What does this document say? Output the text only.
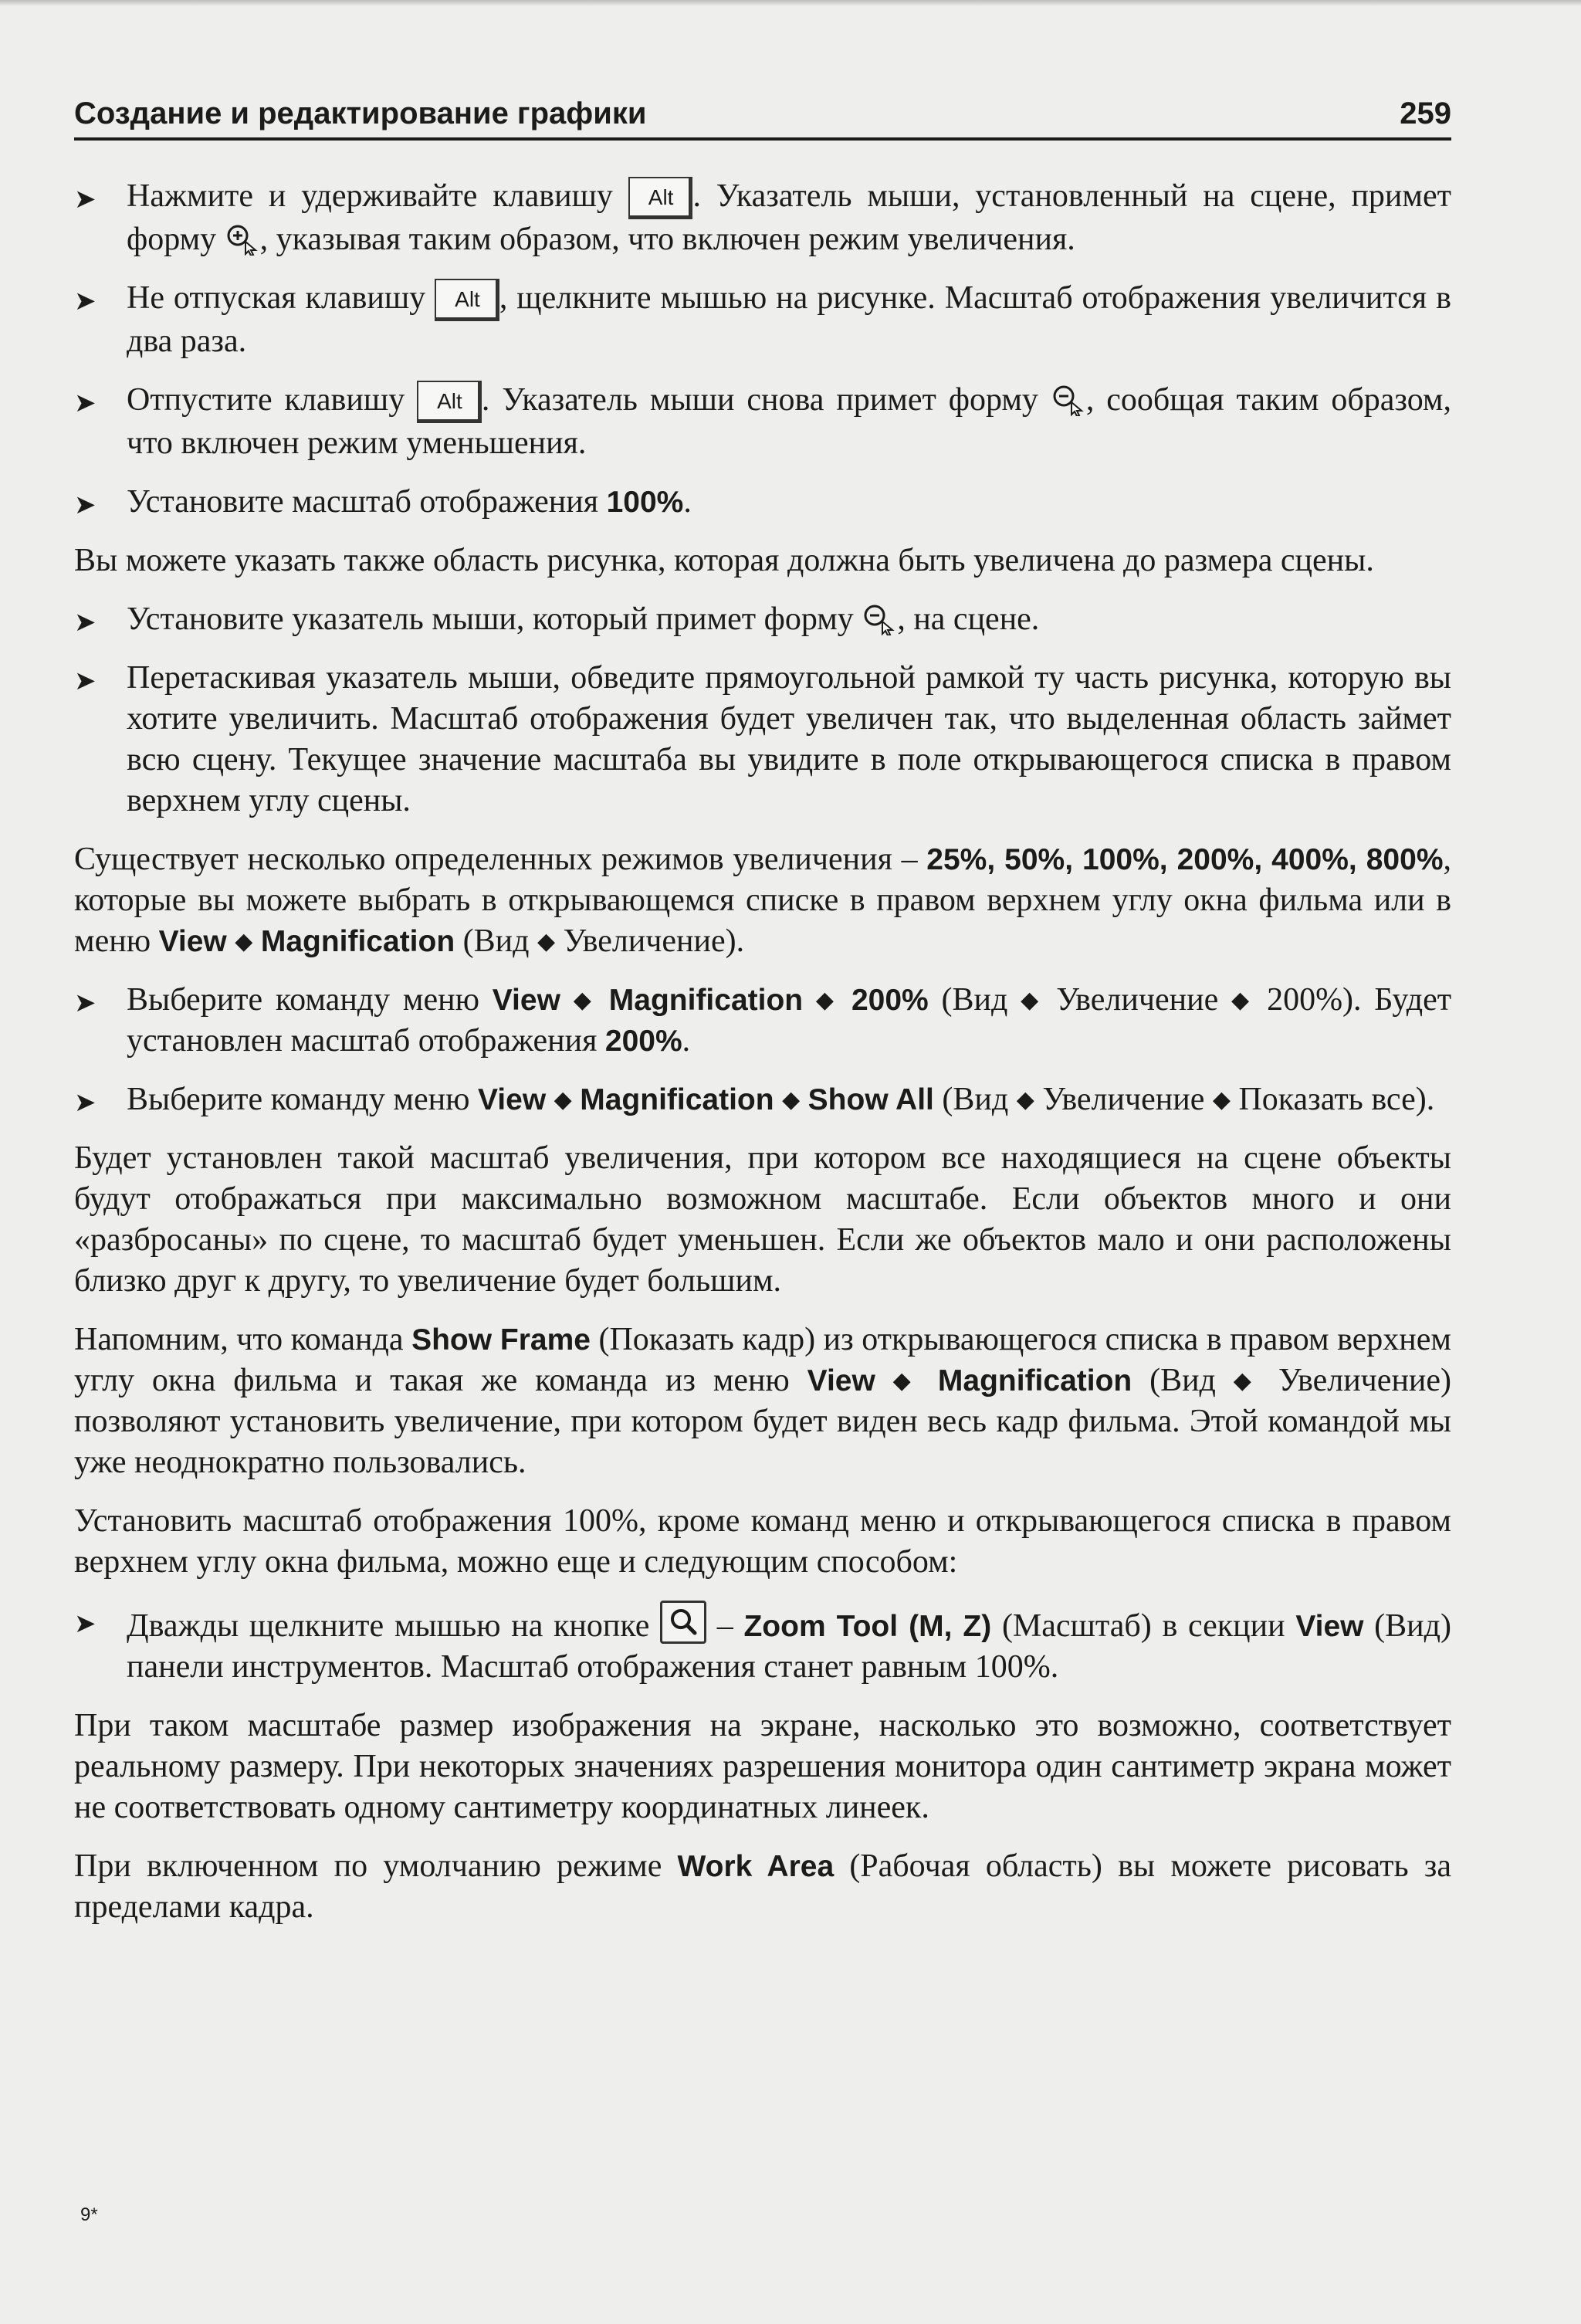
Создание и редактирование графики	259
➤ Нажмите и удерживайте клавишу Alt . Указатель мыши, установленный на сцене, примет форму , указывая таким образом, что включен режим увеличения.
➤ Не отпуская клавишу Alt , щелкните мышью на рисунке. Масштаб отображения увеличится в два раза.
➤ Отпустите клавишу Alt . Указатель мыши снова примет форму , сообщая таким образом, что включен режим уменьшения.
➤ Установите масштаб отображения 100%.
Вы можете указать также область рисунка, которая должна быть увеличена до размера сцены.
➤ Установите указатель мыши, который примет форму , на сцене.
➤ Перетаскивая указатель мыши, обведите прямоугольной рамкой ту часть рисунка, которую вы хотите увеличить. Масштаб отображения будет увеличен так, что выделенная область займет всю сцену. Текущее значение масштаба вы увидите в поле открывающегося списка в правом верхнем углу сцены.
Существует несколько определенных режимов увеличения – 25%, 50%, 100%, 200%, 400%, 800%, которые вы можете выбрать в открывающемся списке в правом верхнем углу окна фильма или в меню View ◆ Magnification (Вид ◆ Увеличение).
➤ Выберите команду меню View ◆ Magnification ◆ 200% (Вид ◆ Увеличение ◆ 200%). Будет установлен масштаб отображения 200%.
➤ Выберите команду меню View ◆ Magnification ◆ Show All (Вид ◆ Увеличение ◆ Показать все).
Будет установлен такой масштаб увеличения, при котором все находящиеся на сцене объекты будут отображаться при максимально возможном масштабе. Если объектов много и они «разбросаны» по сцене, то масштаб будет уменьшен. Если же объектов мало и они расположены близко друг к другу, то увеличение будет большим.
Напомним, что команда Show Frame (Показать кадр) из открывающегося списка в правом верхнем углу окна фильма и такая же команда из меню View ◆ Magnification (Вид ◆ Увеличение) позволяют установить увеличение, при котором будет виден весь кадр фильма. Этой командой мы уже неоднократно пользовались.
Установить масштаб отображения 100%, кроме команд меню и открывающегося списка в правом верхнем углу окна фильма, можно еще и следующим способом:
➤ Дважды щелкните мышью на кнопке
– Zoom Tool (M, Z) (Масштаб) в секции View (Вид) панели инструментов. Масштаб отображения станет равным 100%.
При таком масштабе размер изображения на экране, насколько это возможно, соответствует реальному размеру. При некоторых значениях разрешения монитора один сантиметр экрана может не соответствовать одному сантиметру координатных линеек.
При включенном по умолчанию режиме Work Area (Рабочая область) вы можете рисовать за пределами кадра.
9*
